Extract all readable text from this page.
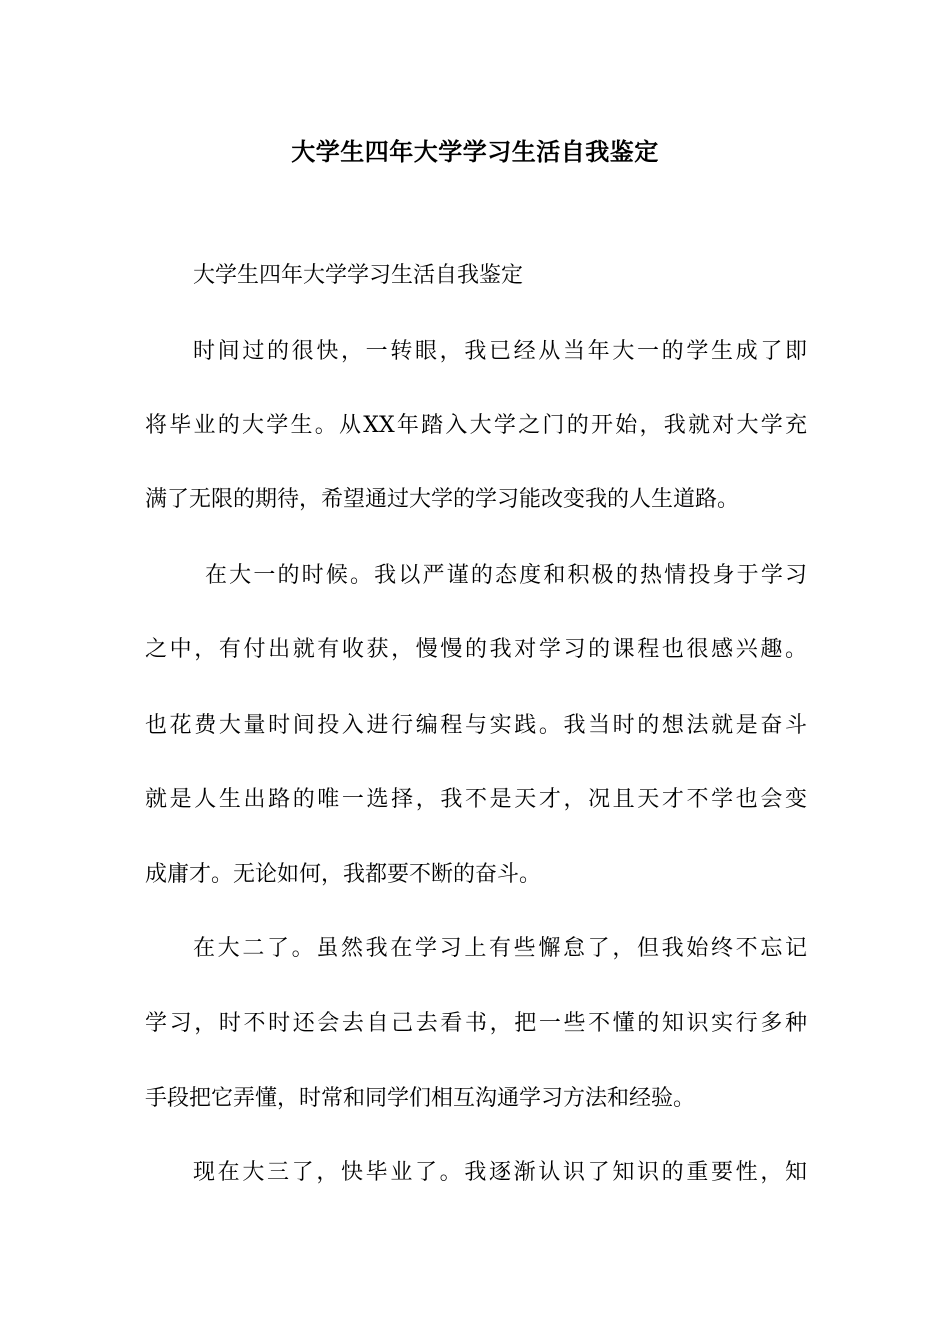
大学生四年大学学习生活自我鉴定
大学生四年大学学习生活自我鉴定
时间过的很快，一转眼，我已经从当年大一的学生成了即
将毕业的大学生。从XX年踏入大学之门的开始，我就对大学充
满了无限的期待，希望通过大学的学习能改变我的人生道路。
在大一的时候。我以严谨的态度和积极的热情投身于学习
之中，有付出就有收获，慢慢的我对学习的课程也很感兴趣。
也花费大量时间投入进行编程与实践。我当时的想法就是奋斗
就是人生出路的唯一选择，我不是天才，况且天才不学也会变
成庸才。无论如何，我都要不断的奋斗。
在大二了。虽然我在学习上有些懈怠了，但我始终不忘记
学习，时不时还会去自己去看书，把一些不懂的知识实行多种
手段把它弄懂，时常和同学们相互沟通学习方法和经验。
现在大三了，快毕业了。我逐渐认识了知识的重要性，知
